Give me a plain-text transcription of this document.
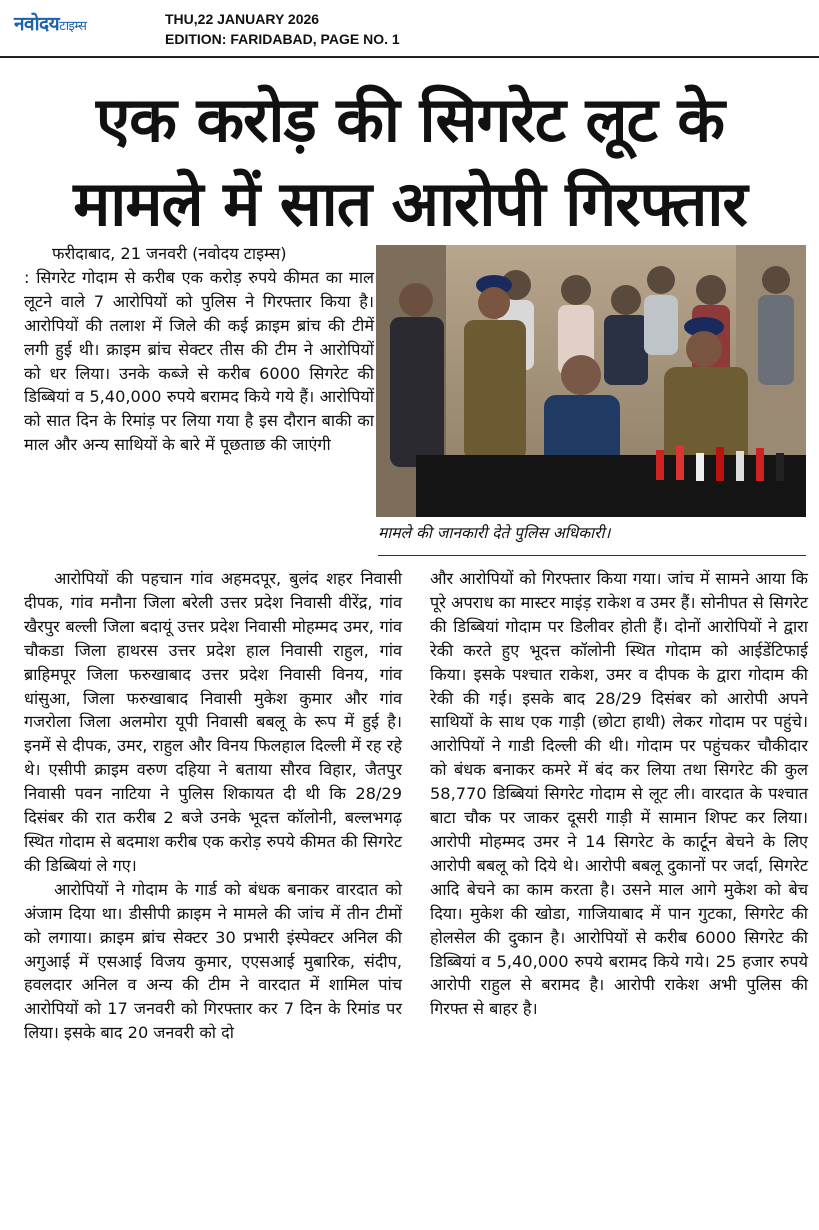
नवोदयटाइम्स	THU,22 JANUARY 2026
EDITION: FARIDABAD, PAGE NO. 1
एक करोड़ की सिगरेट लूट के
मामले में सात आरोपी गिरफ्तार
फरीदाबाद, 21 जनवरी (नवोदय टाइम्स)

: सिगरेट गोदाम से करीब एक करोड़ रुपये कीमत का माल लूटने वाले 7 आरोपियों को पुलिस ने गिरफ्तार किया है। आरोपियों की तलाश में जिले की कई क्राइम ब्रांच की टीमें लगी हुई थी। क्राइम ब्रांच सेक्टर तीस की टीम ने आरोपियों को धर लिया। उनके कब्जे से करीब 6000 सिगरेट की डिब्बियां व 5,40,000 रुपये बरामद किये गये हैं। आरोपियों को सात दिन के रिमांड़ पर लिया गया है इस दौरान बाकी का माल और अन्य साथियों के बारे में पूछताछ की जाएंगी

मामले की जानकारी देते पुलिस अधिकारी।

आरोपियों की पहचान गांव अहमदपूर, बुलंद शहर निवासी दीपक, गांव मनौना जिला बरेली उत्तर प्रदेश निवासी वीरेंद्र, गांव खैरपुर बल्ली जिला बदायूं उत्तर प्रदेश निवासी मोहम्मद उमर, गांव चौकडा जिला हाथरस उत्तर प्रदेश हाल निवासी राहुल, गांव ब्राहिमपूर जिला फरुखाबाद उत्तर प्रदेश निवासी विनय, गांव धांसुआ, जिला फरुखाबाद निवासी मुकेश कुमार और गांव गजरोला जिला अलमोरा यूपी निवासी बबलू के रूप में हुई है। इनमें से दीपक, उमर, राहुल और विनय फिलहाल दिल्ली में रह रहे थे। एसीपी क्राइम वरुण दहिया ने बताया सौरव विहार, जैतपुर निवासी पवन नाटिया ने पुलिस शिकायत दी थी कि 28/29 दिसंबर की रात करीब 2 बजे उनके भूदत्त कॉलोनी, बल्लभगढ़ स्थित गोदाम से बदमाश करीब एक करोड़ रुपये कीमत की सिगरेट की डिब्बियां ले गए।

आरोपियों ने गोदाम के गार्ड को बंधक बनाकर वारदात को अंजाम दिया था। डीसीपी क्राइम ने मामले की जांच में तीन टीमों को लगाया। क्राइम ब्रांच सेक्टर 30 प्रभारी इंस्पेक्टर अनिल की अगुआई में एसआई विजय कुमार, एएसआई मुबारिक, संदीप, हवलदार अनिल व अन्य की टीम ने वारदात में शामिल पांच आरोपियों को 17 जनवरी को गिरफ्तार कर 7 दिन के रिमांड पर लिया। इसके बाद 20 जनवरी को दो

और आरोपियों को गिरफ्तार किया गया। जांच में सामने आया कि पूरे अपराध का मास्टर माइंड़ राकेश व उमर हैं। सोनीपत से सिगरेट की डिब्बियां गोदाम पर डिलीवर होती हैं। दोनों आरोपियों ने द्वारा रेकी करते हुए भूदत्त कॉलोनी स्थित गोदाम को आईडेंटिफाई किया। इसके पश्चात राकेश, उमर व दीपक के द्वारा गोदाम की रेकी की गई। इसके बाद 28/29 दिसंबर को आरोपी अपने साथियों के साथ एक गाड़ी (छोटा हाथी) लेकर गोदाम पर पहुंचे। आरोपियों ने गाडी दिल्ली की थी। गोदाम पर पहुंचकर चौकीदार को बंधक बनाकर कमरे में बंद कर लिया तथा सिगरेट की कुल 58,770 डिब्बियां सिगरेट गोदाम से लूट ली। वारदात के पश्चात बाटा चौक पर जाकर दूसरी गाड़ी में सामान शिफ्ट कर लिया। आरोपी मोहम्मद उमर ने 14 सिगरेट के कार्टून बेचने के लिए आरोपी बबलू को दिये थे। आरोपी बबलू दुकानों पर जर्दा, सिगरेट आदि बेचने का काम करता है। उसने माल आगे मुकेश को बेच दिया। मुकेश की खोडा, गाजियाबाद में पान गुटका, सिगरेट की होलसेल की दुकान है। आरोपियों से करीब 6000 सिगरेट की डिब्बियां व 5,40,000 रुपये बरामद किये गये। 25 हजार रुपये आरोपी राहुल से बरामद है। आरोपी राकेश अभी पुलिस की गिरफ्त से बाहर है।
